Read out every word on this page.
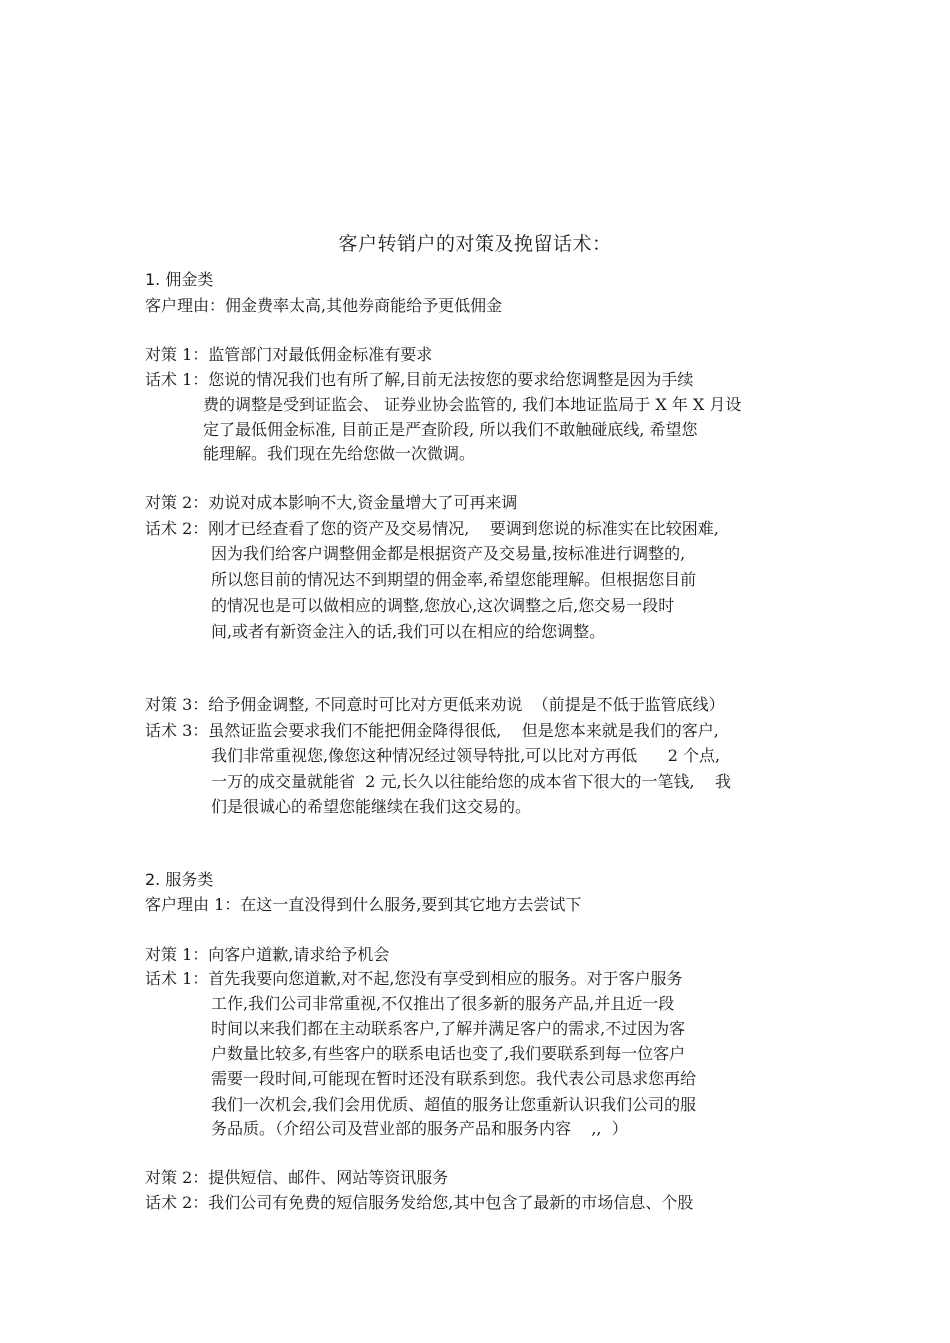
客户转销户的对策及挽留话术：
1. 佣金类
客户理由：佣金费率太高,其他券商能给予更低佣金
对策 1：监管部门对最低佣金标准有要求
话术 1：您说的情况我们也有所了解,目前无法按您的要求给您调整是因为手续
费的调整是受到证监会、 证券业协会监管的, 我们本地证监局于 X 年 X 月设
定了最低佣金标准, 目前正是严查阶段, 所以我们不敢触碰底线, 希望您
能理解。我们现在先给您做一次微调。
对策 2：劝说对成本影响不大,资金量增大了可再来调
话术 2：刚才已经查看了您的资产及交易情况,    要调到您说的标准实在比较困难,
因为我们给客户调整佣金都是根据资产及交易量,按标准进行调整的,
所以您目前的情况达不到期望的佣金率,希望您能理解。但根据您目前
的情况也是可以做相应的调整,您放心,这次调整之后,您交易一段时
间,或者有新资金注入的话,我们可以在相应的给您调整。
对策 3：给予佣金调整, 不同意时可比对方更低来劝说  （前提是不低于监管底线）
话术 3：虽然证监会要求我们不能把佣金降得很低,    但是您本来就是我们的客户,
我们非常重视您,像您这种情况经过领导特批,可以比对方再低      2 个点,
一万的成交量就能省  2 元,长久以往能给您的成本省下很大的一笔钱,    我
们是很诚心的希望您能继续在我们这交易的。
2. 服务类
客户理由 1：在这一直没得到什么服务,要到其它地方去尝试下
对策 1：向客户道歉,请求给予机会
话术 1：首先我要向您道歉,对不起,您没有享受到相应的服务。对于客户服务
工作,我们公司非常重视,不仅推出了很多新的服务产品,并且近一段
时间以来我们都在主动联系客户,了解并满足客户的需求,不过因为客
户数量比较多,有些客户的联系电话也变了,我们要联系到每一位客户
需要一段时间,可能现在暂时还没有联系到您。我代表公司恳求您再给
我们一次机会,我们会用优质、超值的服务让您重新认识我们公司的服
务品质。（介绍公司及营业部的服务产品和服务内容    ,,  ）
对策 2：提供短信、邮件、网站等资讯服务
话术 2：我们公司有免费的短信服务发给您,其中包含了最新的市场信息、个股
